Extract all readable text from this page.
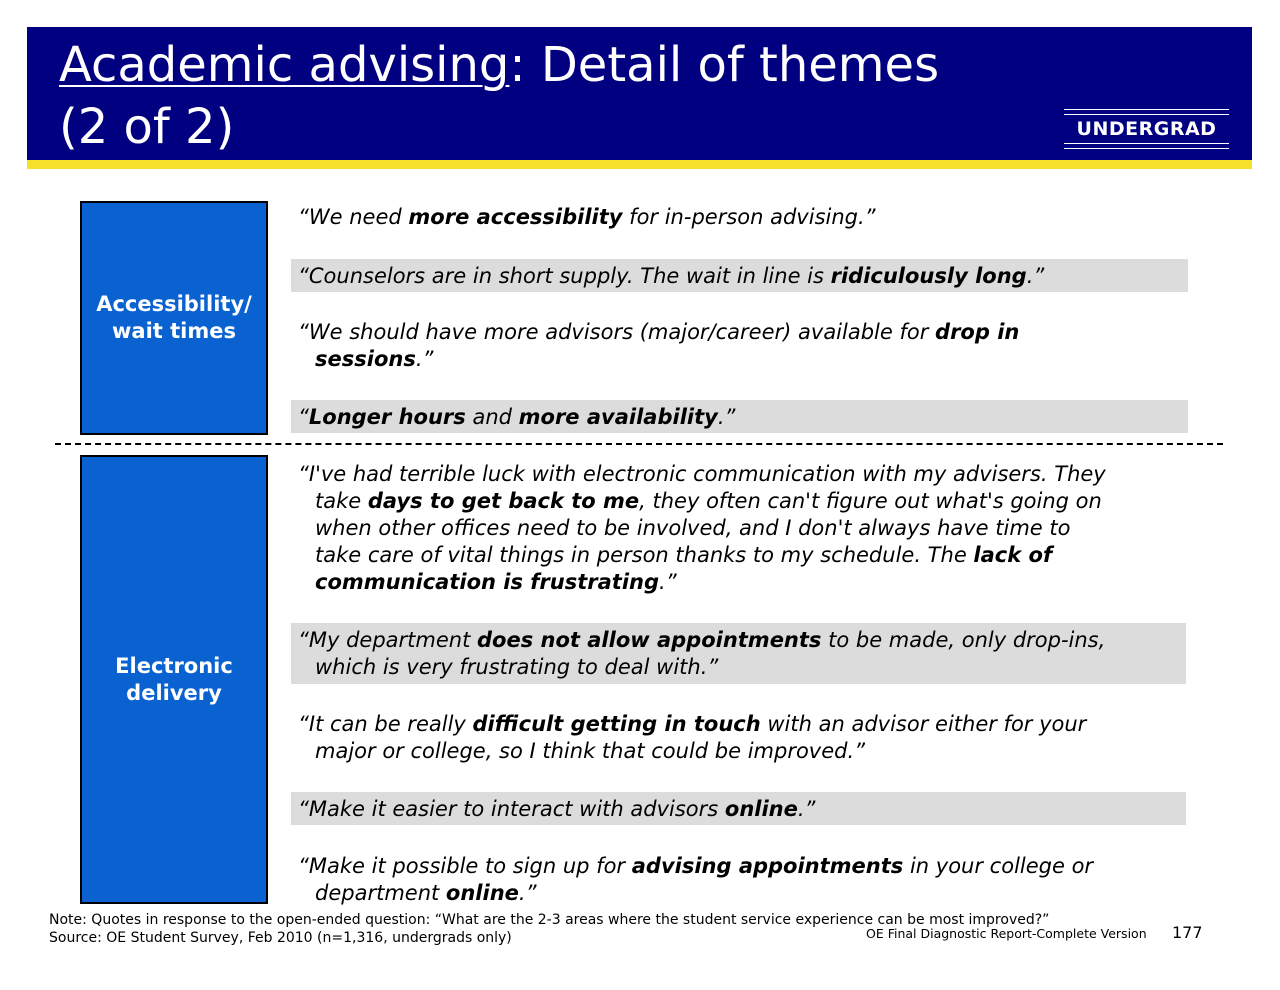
Academic advising: Detail of themes
(2 of 2)	UNDERGRAD
Accessibility/
wait times
“We need more accessibility for in-person advising.”
“Counselors are in short supply. The wait in line is ridiculously long.”
“We should have more advisors (major/career) available for drop in
sessions.”
“Longer hours and more availability.”
Electronic
delivery
“I've had terrible luck with electronic communication with my advisers. They
take days to get back to me, they often can't figure out what's going on
when other offices need to be involved, and I don't always have time to
take care of vital things in person thanks to my schedule. The lack of
communication is frustrating.”
“My department does not allow appointments to be made, only drop-ins,
which is very frustrating to deal with.”
“It can be really difficult getting in touch with an advisor either for your
major or college, so I think that could be improved.”
“Make it easier to interact with advisors online.”
“Make it possible to sign up for advising appointments in your college or
department online.”
Note: Quotes in response to the open-ended question: “What are the 2-3 areas where the student service experience can be most improved?”
Source: OE Student Survey, Feb 2010 (n=1,316, undergrads only)	OE Final Diagnostic Report-Complete Version 177
